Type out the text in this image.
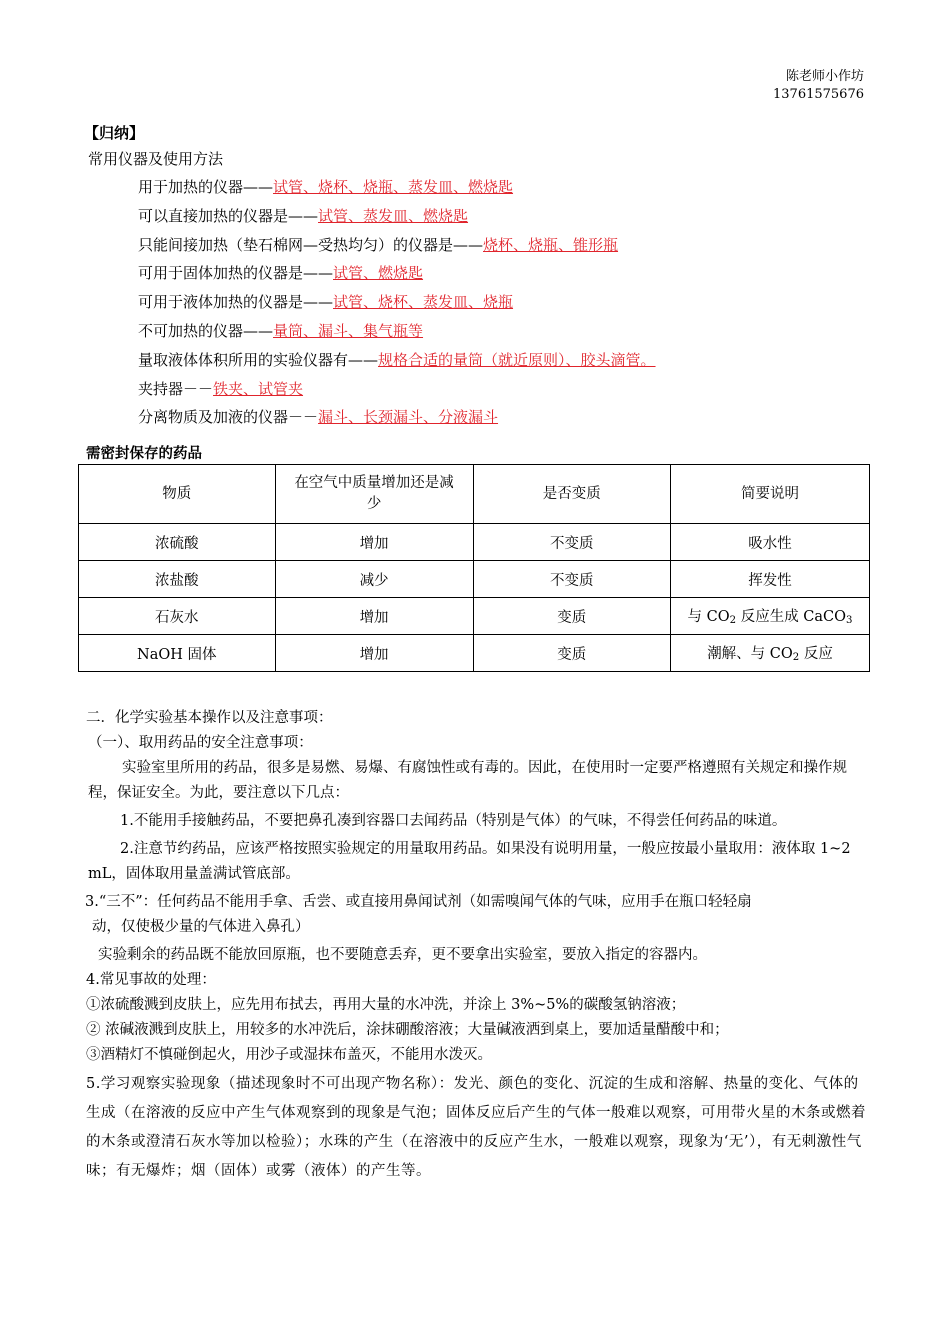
陈老师小作坊
13761575676
【归纳】
常用仪器及使用方法
用于加热的仪器——试管、烧杯、烧瓶、蒸发皿、燃烧匙
可以直接加热的仪器是——试管、蒸发皿、燃烧匙
只能间接加热（垫石棉网—受热均匀）的仪器是——烧杯、烧瓶、锥形瓶
可用于固体加热的仪器是——试管、燃烧匙
可用于液体加热的仪器是——试管、烧杯、蒸发皿、烧瓶
不可加热的仪器——量筒、漏斗、集气瓶等
量取液体体积所用的实验仪器有——规格合适的量筒（就近原则）、胶头滴管。
夹持器－－铁夹、试管夹
分离物质及加液的仪器－－漏斗、长颈漏斗、分液漏斗
需密封保存的药品
物质	在空气中质量增加还是减少	是否变质	简要说明
浓硫酸	增加	不变质	吸水性
浓盐酸	减少	不变质	挥发性
石灰水	增加	变质	与 CO2 反应生成 CaCO3
NaOH 固体	增加	变质	潮解、与 CO2 反应

二．化学实验基本操作以及注意事项：

（一）、取用药品的安全注意事项：

实验室里所用的药品，很多是易燃、易爆、有腐蚀性或有毒的。因此，在使用时一定要严格遵照有关规定和操作规程，保证安全。为此，要注意以下几点：

1.不能用手接触药品，不要把鼻孔凑到容器口去闻药品（特别是气体）的气味，不得尝任何药品的味道。

2.注意节约药品，应该严格按照实验规定的用量取用药品。如果没有说明用量，一般应按最小量取用：液体取 1~2 mL，固体取用量盖满试管底部。

3.“三不”：任何药品不能用手拿、舌尝、或直接用鼻闻试剂（如需嗅闻气体的气味，应用手在瓶口轻轻扇

动，仅使极少量的气体进入鼻孔）

实验剩余的药品既不能放回原瓶，也不要随意丢弃，更不要拿出实验室，要放入指定的容器内。

4.常见事故的处理：

①浓硫酸溅到皮肤上，应先用布拭去，再用大量的水冲洗，并涂上 3%~5%的碳酸氢钠溶液；

② 浓碱液溅到皮肤上，用较多的水冲洗后，涂抹硼酸溶液；大量碱液洒到桌上，要加适量醋酸中和；

③酒精灯不慎碰倒起火，用沙子或湿抹布盖灭，不能用水泼灭。

5.学习观察实验现象（描述现象时不可出现产物名称）：发光、颜色的变化、沉淀的生成和溶解、热量的变化、气体的生成（在溶液的反应中产生气体观察到的现象是气泡；固体反应后产生的气体一般难以观察，可用带火星的木条或燃着的木条或澄清石灰水等加以检验）；水珠的产生（在溶液中的反应产生水，一般难以观察，现象为‘无’），有无刺激性气味；有无爆炸；烟（固体）或雾（液体）的产生等。
